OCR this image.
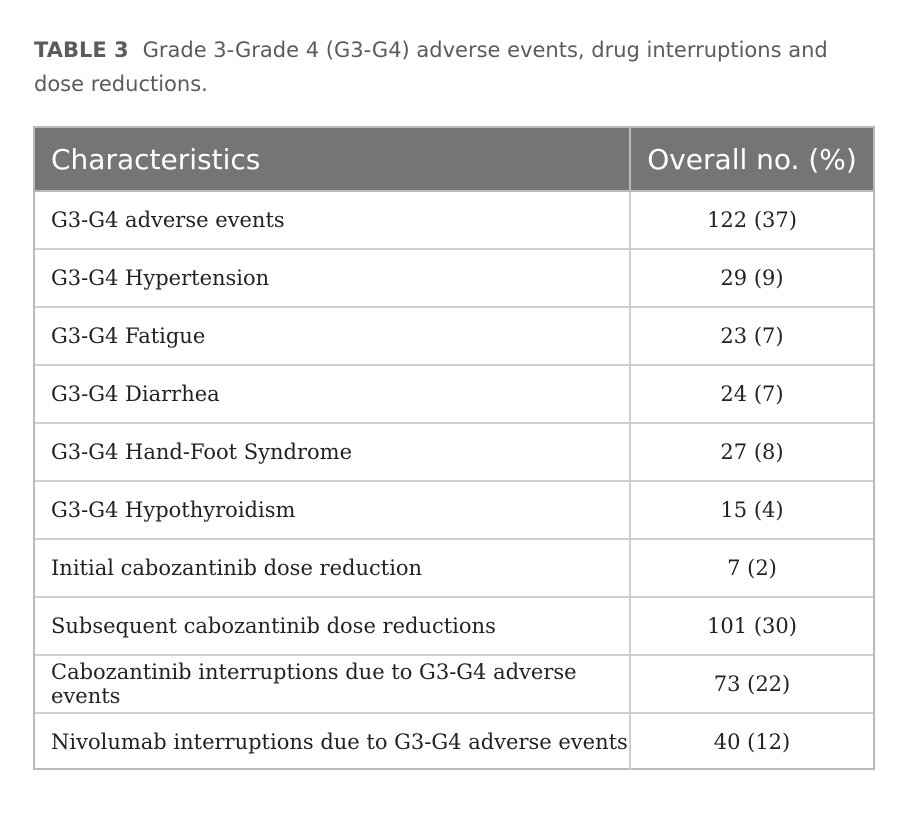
TABLE 3 Grade 3-Grade 4 (G3-G4) adverse events, drug interruptions and dose reductions.
Characteristics	Overall no. (%)
G3-G4 adverse events	122 (37)
G3-G4 Hypertension	29 (9)
G3-G4 Fatigue	23 (7)
G3-G4 Diarrhea	24 (7)
G3-G4 Hand-Foot Syndrome	27 (8)
G3-G4 Hypothyroidism	15 (4)
Initial cabozantinib dose reduction	7 (2)
Subsequent cabozantinib dose reductions	101 (30)
Cabozantinib interruptions due to G3-G4 adverse events	73 (22)
Nivolumab interruptions due to G3-G4 adverse events	40 (12)
